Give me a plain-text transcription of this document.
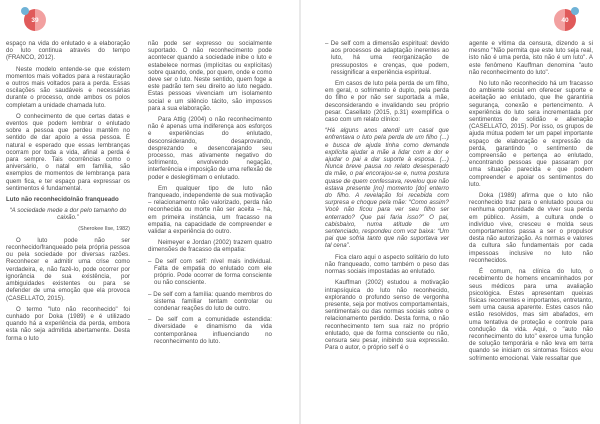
39

espaço na vida do enlutado e a elaboração do luto continua através do tempo (FRANCO, 2012).

Neste modelo entende-se que existem momentos mais voltados para a restauração e outros mais voltados para a perda. Essas oscilações são saudáveis e necessárias durante o processo, onde ambos os polos completam a unidade chamada luto.

O conhecimento de que certas datas e eventos que podem lembrar o enlutado sobre a pessoa que perdeu mantêm no sentido de dar apoio a essa pessoa. É natural e esperado que essas lembranças ocorram por toda a vida, afinal a perda é para sempre. Tais ocorrências como o aniversário, o natal em família, são exemplos de momentos de lembrança para quem fica, e ter espaço para expressar os sentimentos é fundamental.

Luto não reconhecido/não franqueado

“A sociedade mede a dor pelo tamanho do caixão.”

(Sherokee Ilse, 1982)

O luto pode não ser reconhecido/franqueado pela própria pessoa ou pela sociedade por diversas razões. Reconhecer e admitir uma crise como verdadeira, e, não fazê-lo, pode ocorrer por ignorância de sua existência, por ambiguidades existentes ou para se defender de uma emoção que ela provoca (CASELLATO, 2015).

O termo "luto não reconhecido" foi cunhado por Doka (1989) e é utilizado quando há a experiência da perda, embora esta não seja admitida abertamente. Desta forma o luto

não pode ser expresso ou socialmente suportado. O não reconhecimento pode acontecer quando a sociedade inibe o luto e estabelece normas (implícitas ou explícitas) sobre quando, onde, por quem, onde e como deve ser o luto. Neste sentido, quem foge a este padrão tem seu direito ao luto negado. Estas pessoas vivenciam um isolamento social e um silêncio tácito, são impossos para a sua elaboração.

Para Attig (2004) o não reconhecimento não é apenas uma indiferença aos esforços e experiências do enlutado, desconsiderando, desaprovando, desprezando e desencorajando seu processo, mas ativamente negativo do sofrimento, envolvendo negação, interferência e imposição de uma reflexão de poder e deslegitimam o enlutado.

Em qualquer tipo de luto não franqueado, independente de sua motivação – relacionamento não valorizado, perda não reconhecida ou morte não ser aceita – há, em primeira instância, um fracasso na empatia, na capacidade de compreender e validar a experiência do outro.

Neimeyer e Jordan (2002) trazem quatro dimensões de fracasso da empatia:

– De self com self: nível mais individual. Falta de empatia do enlutado com ele próprio. Pode ocorrer de forma consciente ou não consciente.

– De self com a família: quando membros do sistema familiar tentam controlar ou condenar reações do luto de outro.

– De self com a comunidade estendida: diversidade e dinamismo da vida contemporânea influenciando no reconhecimento do luto.

40

– De self com a dimensão espiritual: devido aos processos de adaptação inerentes ao luto, há uma reorganização de pressupostos e crenças, que podem, ressignificar a experiência espiritual.

Em casos de luto pela perda de um filho, em geral, o sofrimento é duplo, pela perda do filho e por não ser suportada a mãe, desconsiderando e invalidando seu próprio pesar. Casellato (2015, p.31) exemplifica o caso com um relato clínico:

“Há alguns anos atendi um casal que enfrentava o luto pela perda de um filho (...) e busca de ajuda tinha como demanda explícita ajudar a mãe a lidar com a dor e ajudar o pai a dar suporte à esposa. (...) Nunca breve pausa no relato desesperado da mãe, o pai encorajou-se e, numa postura quase de quem confessava, revelou que não estava presente [no] momento [do] enterro do filho. A revelação foi recebida com surpresa e choque pela mãe: “Como assim? Você não ficou para ver seu filho ser enterrado? Que pai faria isso?” O pai, cabisbaixo, numa atitude de um sentenciado, respondeu com voz baixa: “Um pai que sofria tanto que não suportava ver tal cena”.

Fica claro aqui o aspecto solitário do luto não franqueado, como também o peso das normas sociais impostadas ao enlutado.

Kauffman (2002) estudou a motivação intrapsíquica do luto não reconhecido, explorando o profundo senso de vergonha presente, seja por motivos comportamentais, sentimentais ou das normas sociais sobre o relacionamento perdido. Desta forma, o não reconhecimento tem sua raiz no próprio enlutado, que de forma consciente ou não, censura seu pesar, inibindo sua expressão. Para o autor, o próprio self é o

agente e vítima da censura, dizendo a si mesmo "Não permita que este luto seja real, isto não é uma perda, isto não é um luto". A este fenômeno Kauffman denomina "auto não reconhecimento do luto".

No luto não reconhecido há um fracasso do ambiente social em oferecer suporte e aceitação ao enlutado, que lhe garantiria segurança, conexão e pertencimento. A experiência do luto sera incrementada por sentimentos de solidão e alienação (CASELLATO, 2015). Por isso, os grupos de ajuda mútua podem ter um papel importante espaço de elaboração e expressão da perda, garantindo o sentimento de compreensão e pertença ao enlutado, encontrando pessoas que passaram por uma situação parecida e que podem compreender e apoiar os sentimentos do luto.

Doka (1989) afirma que o luto não reconhecido traz para o enlutado pouca ou nenhuma oportunidade de viver sua perda em público. Assim, a cultura onde o indivíduo vive, cresceu e molda seus comportamentos passa a ser o propulsor desta não autorização. As normas e valores da cultura são fundamentais por cada impessoas inclusive no luto não reconhecidos.

É comum, na clínica do luto, o recebimento de homens encaminhados por seus médicos para uma avaliação psicológica. Estes apresentam queixas físicas recorrentes e importantes, entretanto, sem uma causa aparente. Estes casos não estão resolvidos, mas sim abafados, em uma tentativa de proteção e controle para condução da vida. Aqui, o "auto não reconhecimento do luto" exerce uma função de solução temporária e não leva em terra quando se iniciam os sintomas físicos e/ou sofrimento emocional. Vale ressaltar que
